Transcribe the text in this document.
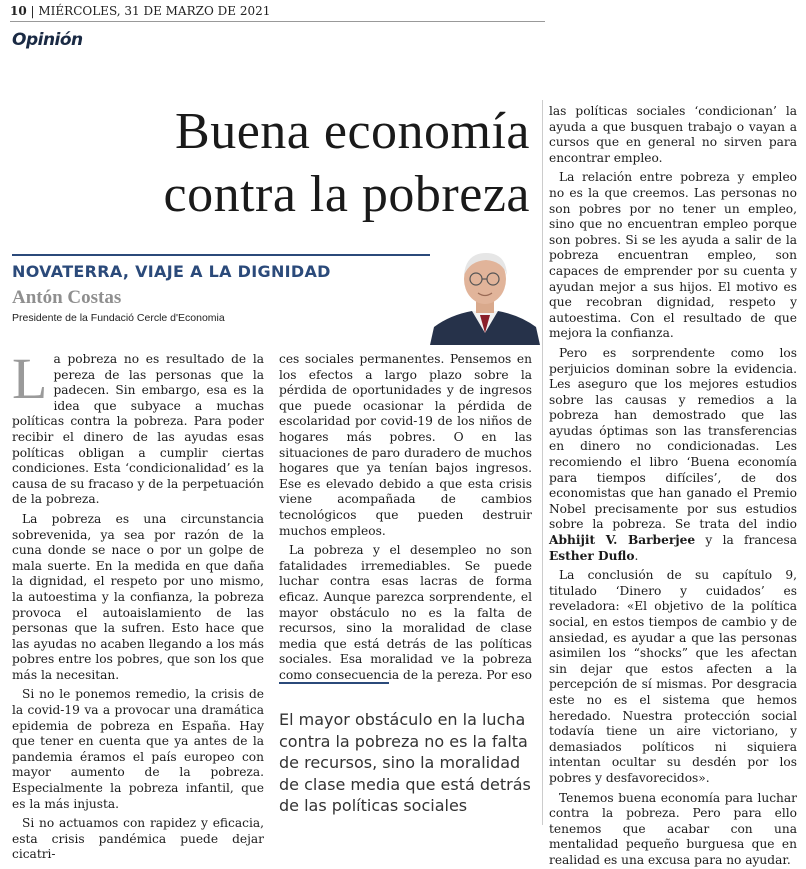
10 | MIÉRCOLES, 31 DE MARZO DE 2021
Opinión
Buena economía
contra la pobreza
NOVATERRA, VIAJE A LA DIGNIDAD
Antón Costas
Presidente de la Fundació Cercle d'Economia

La pobreza no es resultado de la pereza de las personas que la padecen. Sin embargo, esa es la idea que subyace a muchas políticas contra la pobreza. Para poder recibir el dinero de las ayudas esas políticas obligan a cumplir ciertas condiciones. Esta ‘condicionalidad’ es la causa de su fracaso y de la perpetuación de la pobreza.

La pobreza es una circunstancia sobrevenida, ya sea por razón de la cuna donde se nace o por un golpe de mala suerte. En la medida en que daña la dignidad, el respeto por uno mismo, la autoestima y la confianza, la pobreza provoca el autoaislamiento de las personas que la sufren. Esto hace que las ayudas no acaben llegando a los más pobres entre los pobres, que son los que más la necesitan.

Si no le ponemos remedio, la crisis de la covid-19 va a provocar una dramática epidemia de pobreza en España. Hay que tener en cuenta que ya antes de la pandemia éramos el país europeo con mayor aumento de la pobreza. Especialmente la pobreza infantil, que es la más injusta.

Si no actuamos con rapidez y eficacia, esta crisis pandémica puede dejar cicatri-

ces sociales permanentes. Pensemos en los efectos a largo plazo sobre la pérdida de oportunidades y de ingresos que puede ocasionar la pérdida de escolaridad por covid-19 de los niños de hogares más pobres. O en las situaciones de paro duradero de muchos hogares que ya tenían bajos ingresos. Ese es elevado debido a que esta crisis viene acompañada de cambios tecnológicos que pueden destruir muchos empleos.

La pobreza y el desempleo no son fatalidades irremediables. Se puede luchar contra esas lacras de forma eficaz. Aunque parezca sorprendente, el mayor obstáculo no es la falta de recursos, sino la moralidad de clase media que está detrás de las políticas sociales. Esa moralidad ve la pobreza como consecuencia de la pereza. Por eso

El mayor obstáculo en la lucha contra la pobreza no es la falta de recursos, sino la moralidad de clase media que está detrás de las políticas sociales

las políticas sociales ‘condicionan’ la ayuda a que busquen trabajo o vayan a cursos que en general no sirven para encontrar empleo.

La relación entre pobreza y empleo no es la que creemos. Las personas no son pobres por no tener un empleo, sino que no encuentran empleo porque son pobres. Si se les ayuda a salir de la pobreza encuentran empleo, son capaces de emprender por su cuenta y ayudan mejor a sus hijos. El motivo es que recobran dignidad, respeto y autoestima. Con el resultado de que mejora la confianza.

Pero es sorprendente como los perjuicios dominan sobre la evidencia. Les aseguro que los mejores estudios sobre las causas y remedios a la pobreza han demostrado que las ayudas óptimas son las transferencias en dinero no condicionadas. Les recomiendo el libro ‘Buena economía para tiempos difíciles’, de dos economistas que han ganado el Premio Nobel precisamente por sus estudios sobre la pobreza. Se trata del indio Abhijit V. Barberjee y la francesa Esther Duflo.

La conclusión de su capítulo 9, titulado ‘Dinero y cuidados’ es reveladora: «El objetivo de la política social, en estos tiempos de cambio y de ansiedad, es ayudar a que las personas asimilen los “shocks” que les afectan sin dejar que estos afecten a la percepción de sí mismas. Por desgracia este no es el sistema que hemos heredado. Nuestra protección social todavía tiene un aire victoriano, y demasiados políticos ni siquiera intentan ocultar su desdén por los pobres y desfavorecidos».

Tenemos buena economía para luchar contra la pobreza. Pero para ello tenemos que acabar con una mentalidad pequeño burguesa que en realidad es una excusa para no ayudar.
